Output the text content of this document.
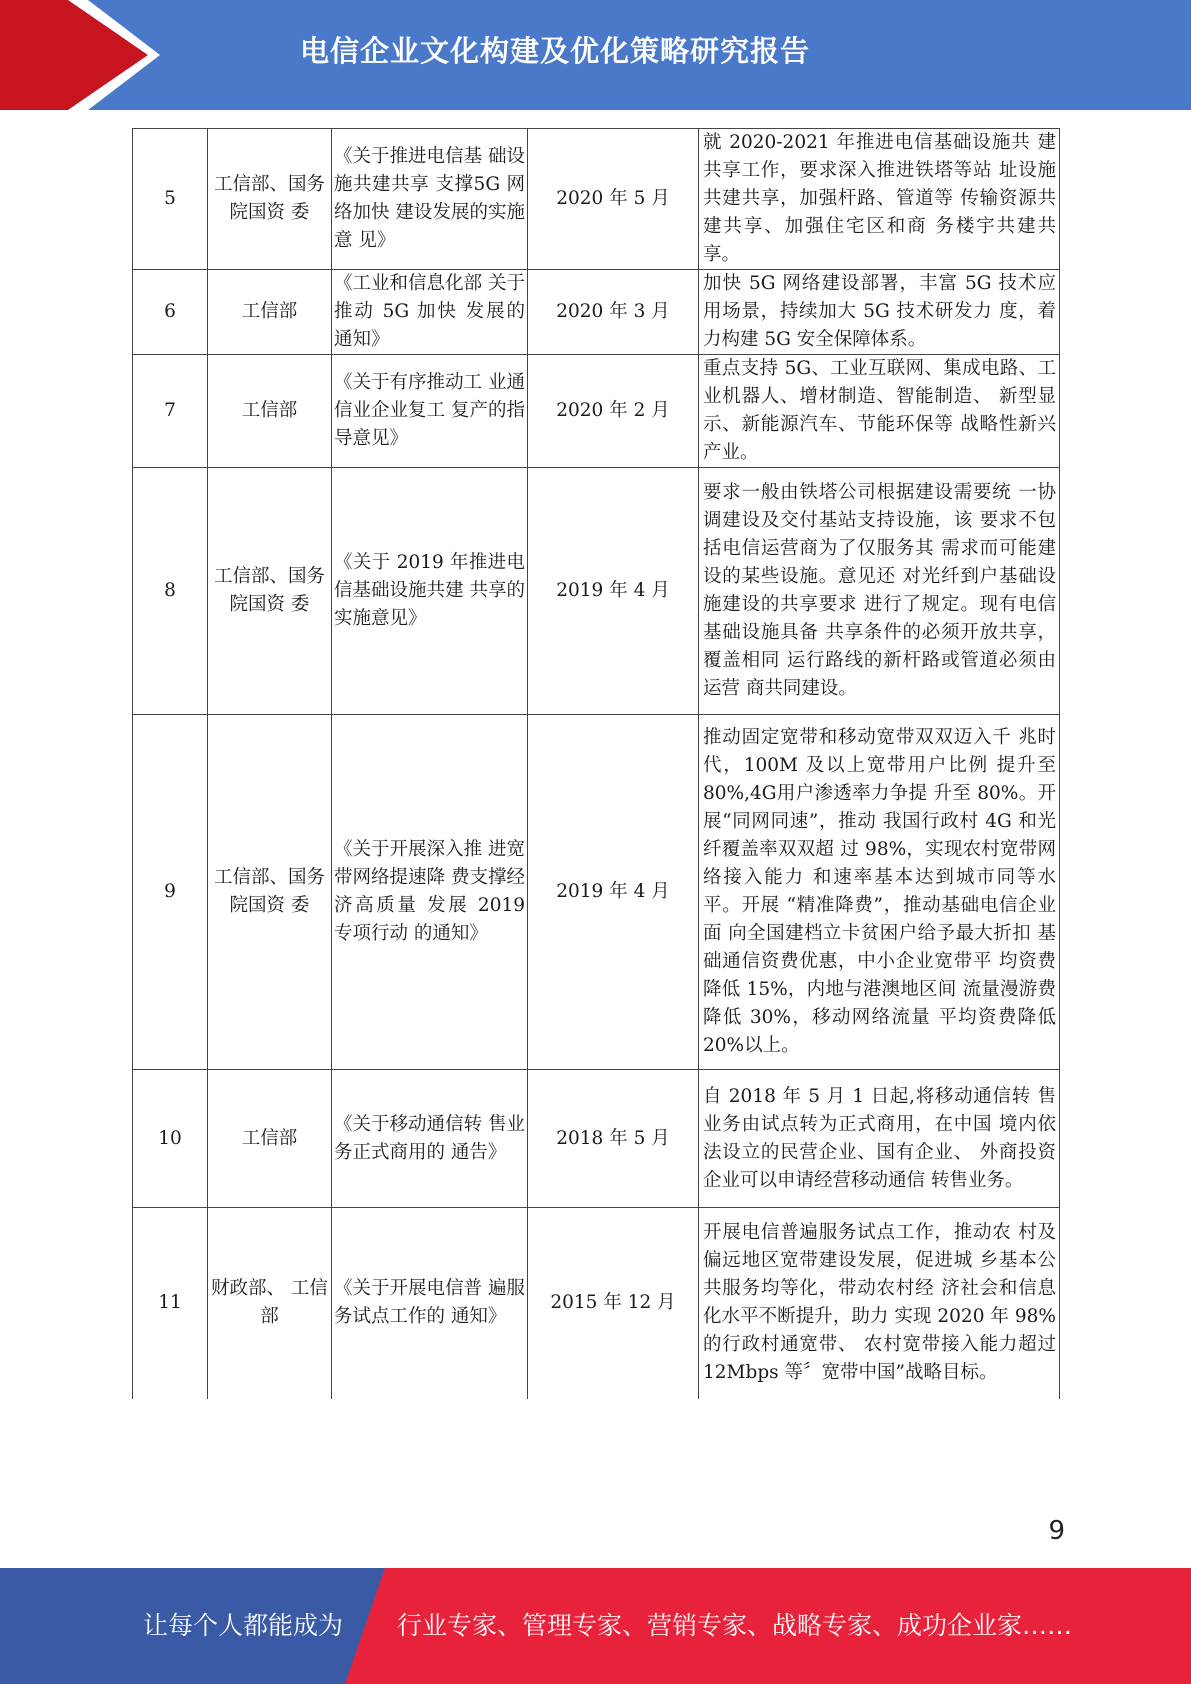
电信企业文化构建及优化策略研究报告
5	工信部、国务院国资 委	《关于推进电信基 础设施共建共享 支撑5G 网络加快 建设发展的实施意 见》	2020 年 5 月	就 2020-2021 年推进电信基础设施共 建共享工作，要求深入推进铁塔等站 址设施共建共享，加强杆路、管道等 传输资源共建共享、加强住宅区和商 务楼宇共建共享。
6	工信部	《工业和信息化部 关于推动 5G 加快 发展的通知》	2020 年 3 月	加快 5G 网络建设部署，丰富 5G 技术应用场景，持续加大 5G 技术研发力 度，着力构建 5G 安全保障体系。
7	工信部	《关于有序推动工 业通信业企业复工 复产的指导意见》	2020 年 2 月	重点支持 5G、工业互联网、集成电路、工业机器人、增材制造、智能制造、 新型显示、新能源汽车、节能环保等 战略性新兴产业。
8	工信部、国务院国资 委	《关于 2019 年推进电信基础设施共建 共享的实施意见》	2019 年 4 月	要求一般由铁塔公司根据建设需要统 一协调建设及交付基站支持设施，该 要求不包括电信运营商为了仅服务其 需求而可能建设的某些设施。意见还 对光纤到户基础设施建设的共享要求 进行了规定。现有电信基础设施具备 共享条件的必须开放共享，覆盖相同 运行路线的新杆路或管道必须由运营 商共同建设。
9	工信部、国务院国资 委	《关于开展深入推 进宽带网络提速降 费支撑经济高质量 发展 2019 专项行动 的通知》	2019 年 4 月	推动固定宽带和移动宽带双双迈入千 兆时代，100M 及以上宽带用户比例 提升至80%,4G用户渗透率力争提 升至 80%。开展“同网同速”，推动 我国行政村 4G 和光纤覆盖率双双超 过 98%，实现农村宽带网络接入能力 和速率基本达到城市同等水平。开展 “精准降费”，推动基础电信企业面 向全国建档立卡贫困户给予最大折扣 基础通信资费优惠，中小企业宽带平 均资费降低 15%，内地与港澳地区间 流量漫游费降低 30%，移动网络流量 平均资费降低 20%以上。
10	工信部	《关于移动通信转 售业务正式商用的 通告》	2018 年 5 月	自 2018 年 5 月 1 日起,将移动通信转 售业务由试点转为正式商用，在中国 境内依法设立的民营企业、国有企业、 外商投资企业可以申请经营移动通信 转售业务。
11	财政部、 工信部	《关于开展电信普 遍服务试点工作的 通知》	2015 年 12 月	开展电信普遍服务试点工作，推动农 村及偏远地区宽带建设发展，促进城 乡基本公共服务均等化，带动农村经 济社会和信息化水平不断提升，助力 实现 2020 年 98%的行政村通宽带、 农村宽带接入能力超过 12Mbps 等〞宽带中国”战略目标。
9
让每个人都能成为 行业专家、管理专家、营销专家、战略专家、成功企业家……
